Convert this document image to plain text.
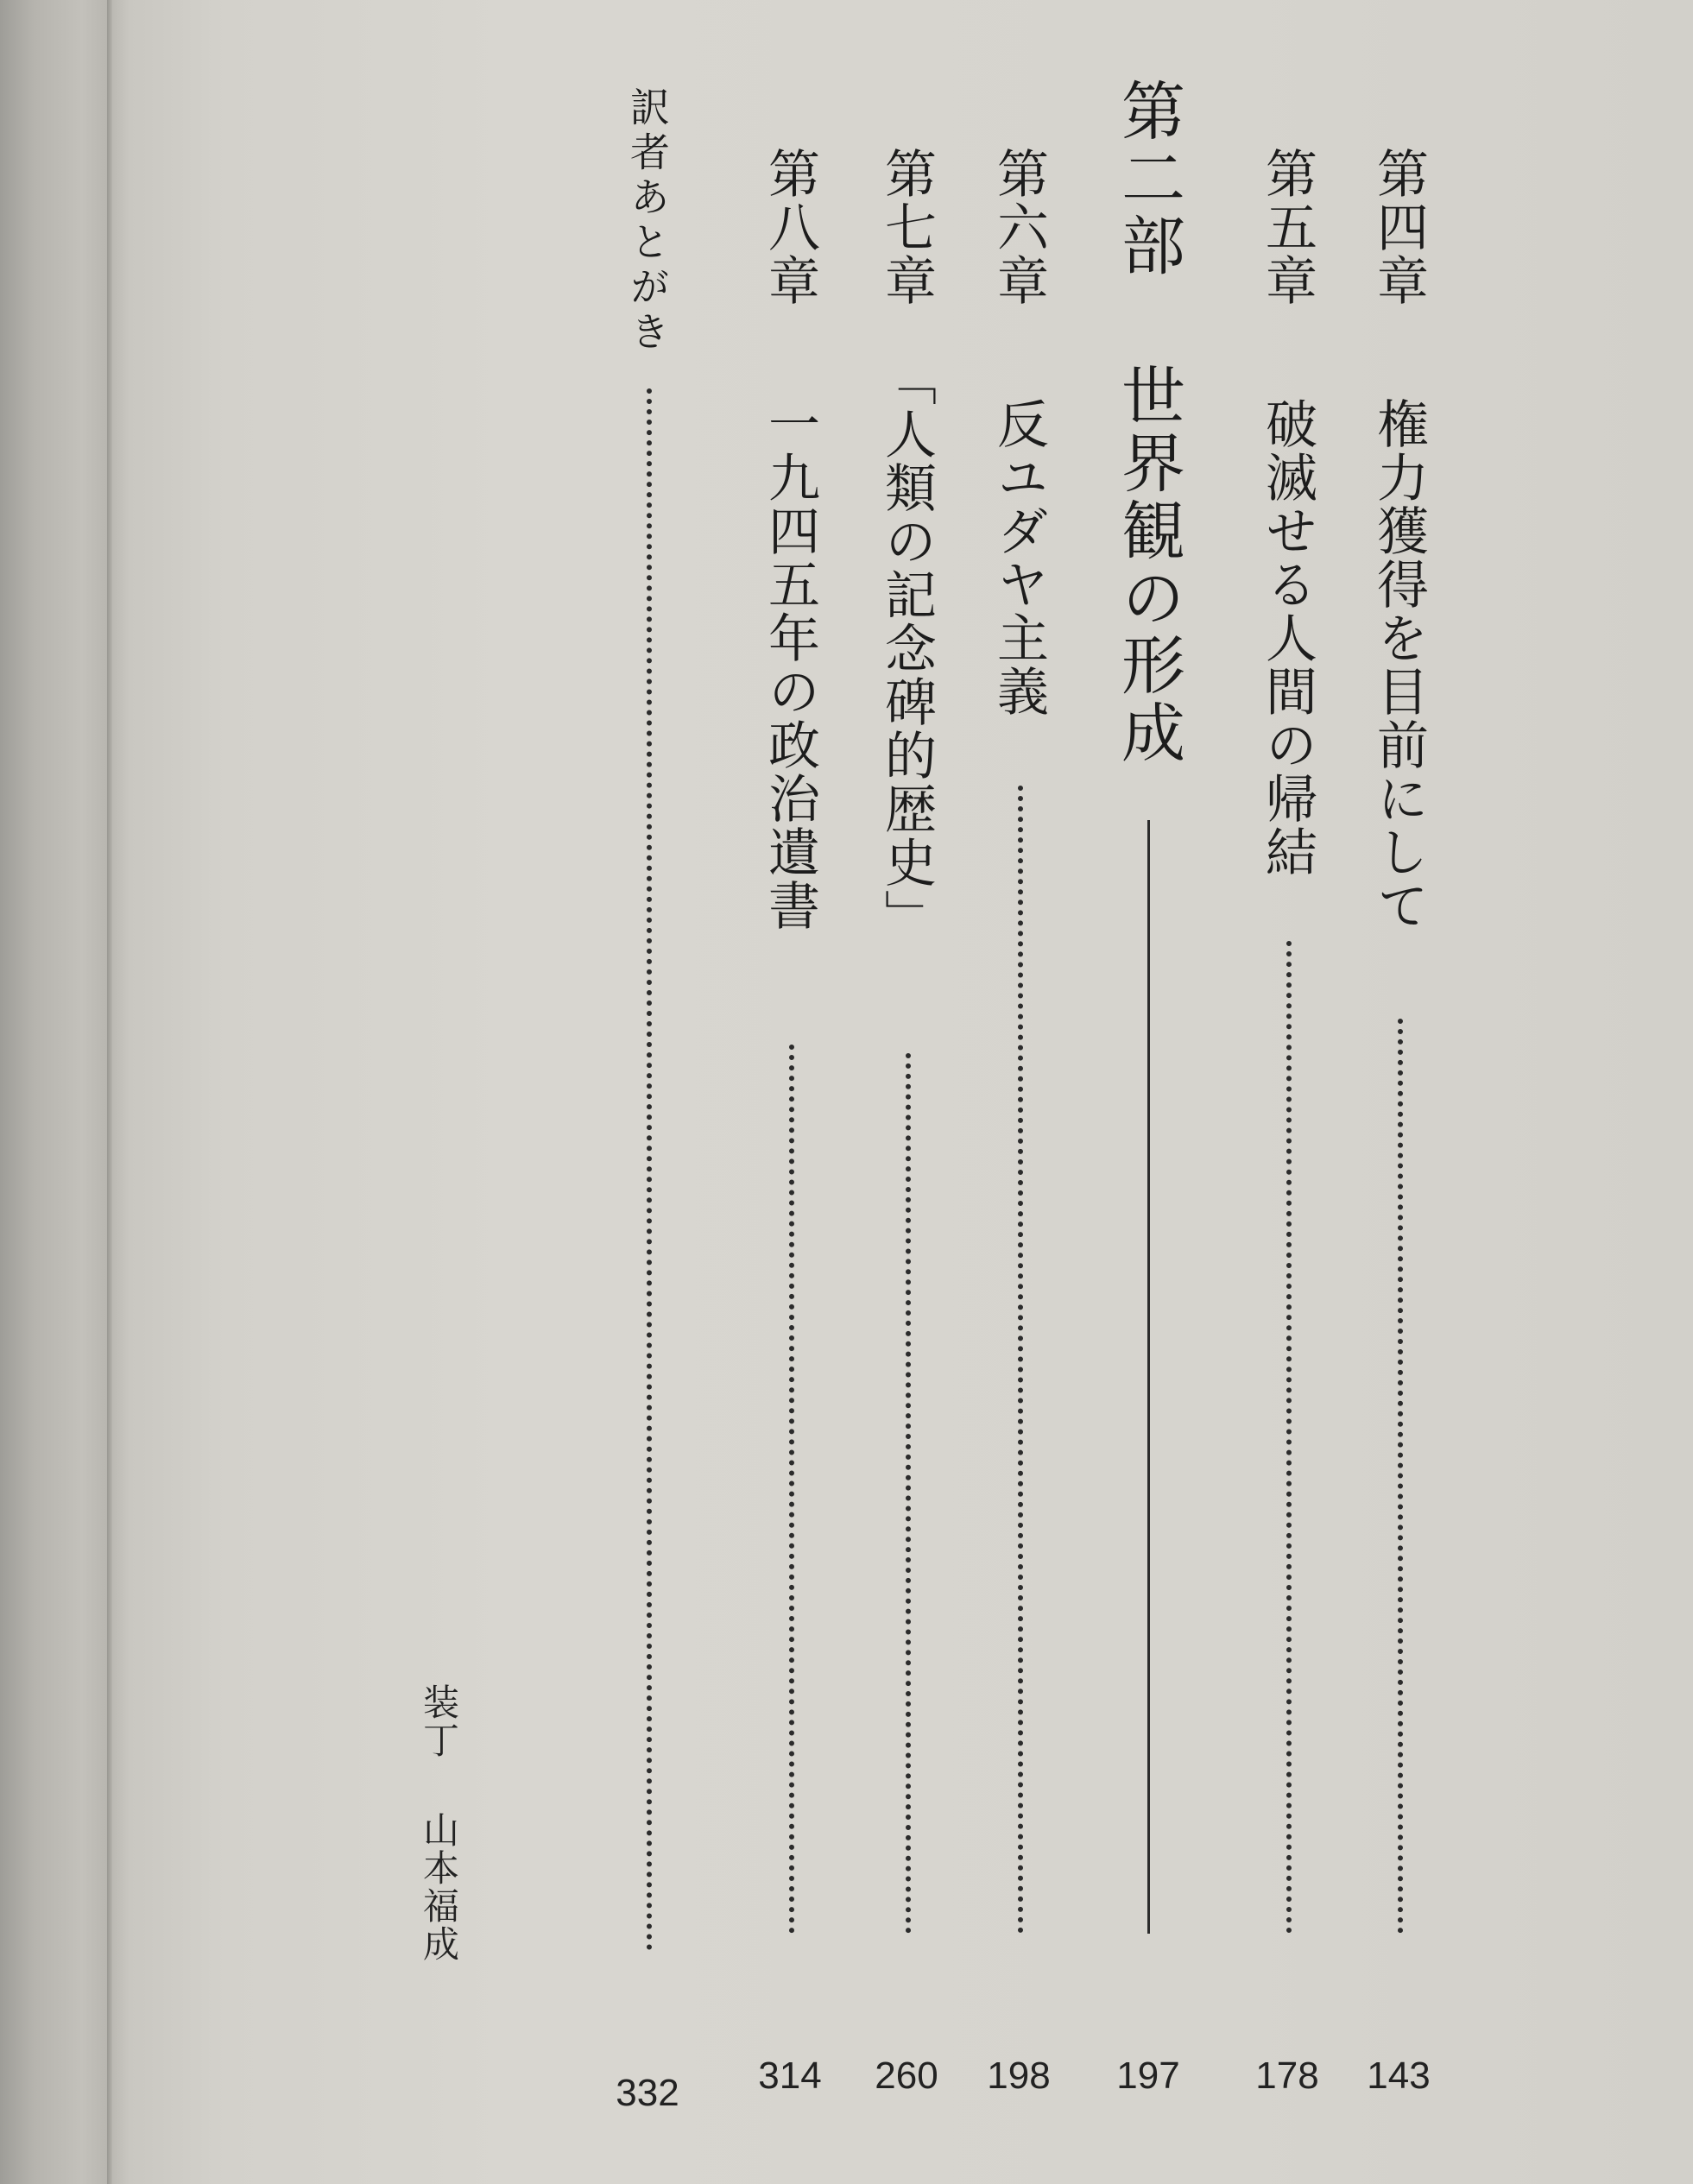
第四章
権力獲得を目前にして
143
第五章
破滅せる人間の帰結
178
第二部
世界観の形成
197
第六章
反ユダヤ主義
198
第七章
「人類の記念碑的歴史」
260
第八章
一九四五年の政治遺書
314
訳者あとがき
332
装丁山本福成
